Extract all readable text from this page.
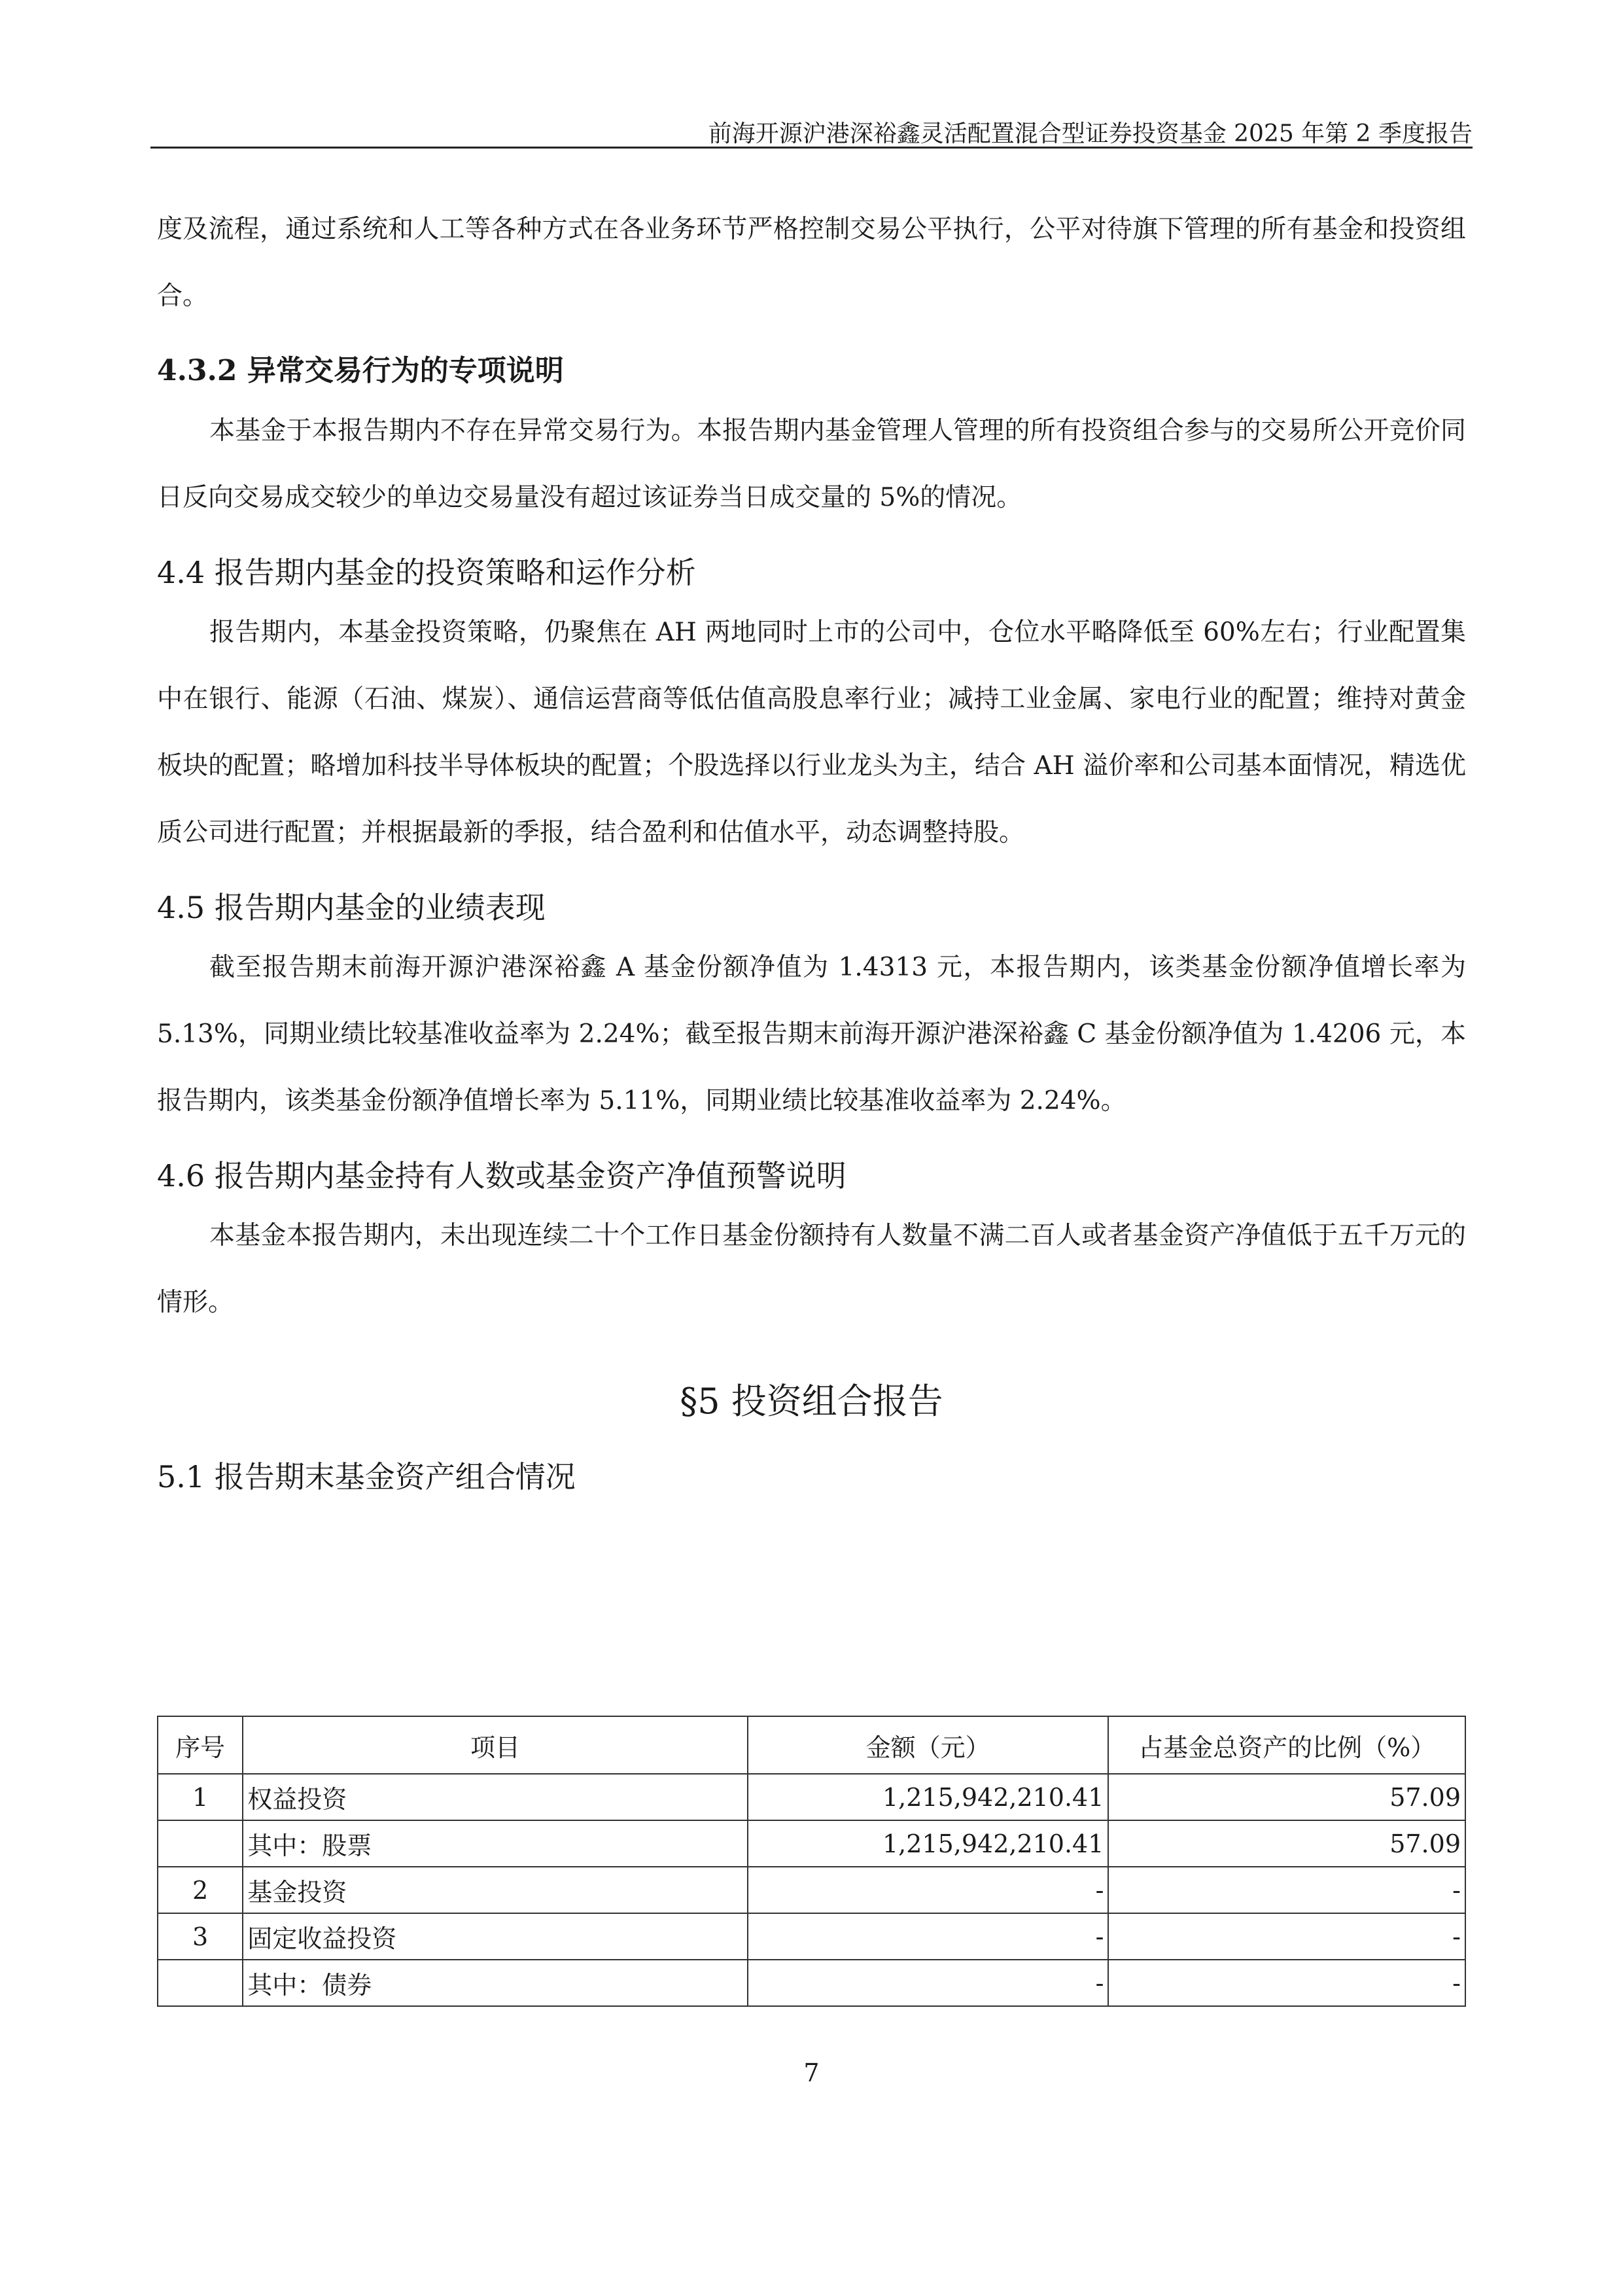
前海开源沪港深裕鑫灵活配置混合型证券投资基金 2025 年第 2 季度报告

度及流程，通过系统和人工等各种方式在各业务环节严格控制交易公平执行，公平对待旗下管理的所有基金和投资组合。

4.3.2 异常交易行为的专项说明

本基金于本报告期内不存在异常交易行为。本报告期内基金管理人管理的所有投资组合参与的交易所公开竞价同日反向交易成交较少的单边交易量没有超过该证券当日成交量的 5%的情况。

4.4 报告期内基金的投资策略和运作分析

报告期内，本基金投资策略，仍聚焦在 AH 两地同时上市的公司中，仓位水平略降低至 60%左右；行业配置集中在银行、能源（石油、煤炭）、通信运营商等低估值高股息率行业；减持工业金属、家电行业的配置；维持对黄金板块的配置；略增加科技半导体板块的配置；个股选择以行业龙头为主，结合 AH 溢价率和公司基本面情况，精选优质公司进行配置；并根据最新的季报，结合盈利和估值水平，动态调整持股。

4.5 报告期内基金的业绩表现

截至报告期末前海开源沪港深裕鑫 A 基金份额净值为 1.4313 元，本报告期内，该类基金份额净值增长率为 5.13%，同期业绩比较基准收益率为 2.24%；截至报告期末前海开源沪港深裕鑫 C 基金份额净值为 1.4206 元，本报告期内，该类基金份额净值增长率为 5.11%，同期业绩比较基准收益率为 2.24%。

4.6 报告期内基金持有人数或基金资产净值预警说明

本基金本报告期内，未出现连续二十个工作日基金份额持有人数量不满二百人或者基金资产净值低于五千万元的情形。

§5 投资组合报告
5.1 报告期末基金资产组合情况
序号	项目	金额（元）	占基金总资产的比例（%）
1	权益投资	1,215,942,210.41	57.09
	其中：股票	1,215,942,210.41	57.09
2	基金投资	-	-
3	固定收益投资	-	-
	其中：债券	-	-
7
